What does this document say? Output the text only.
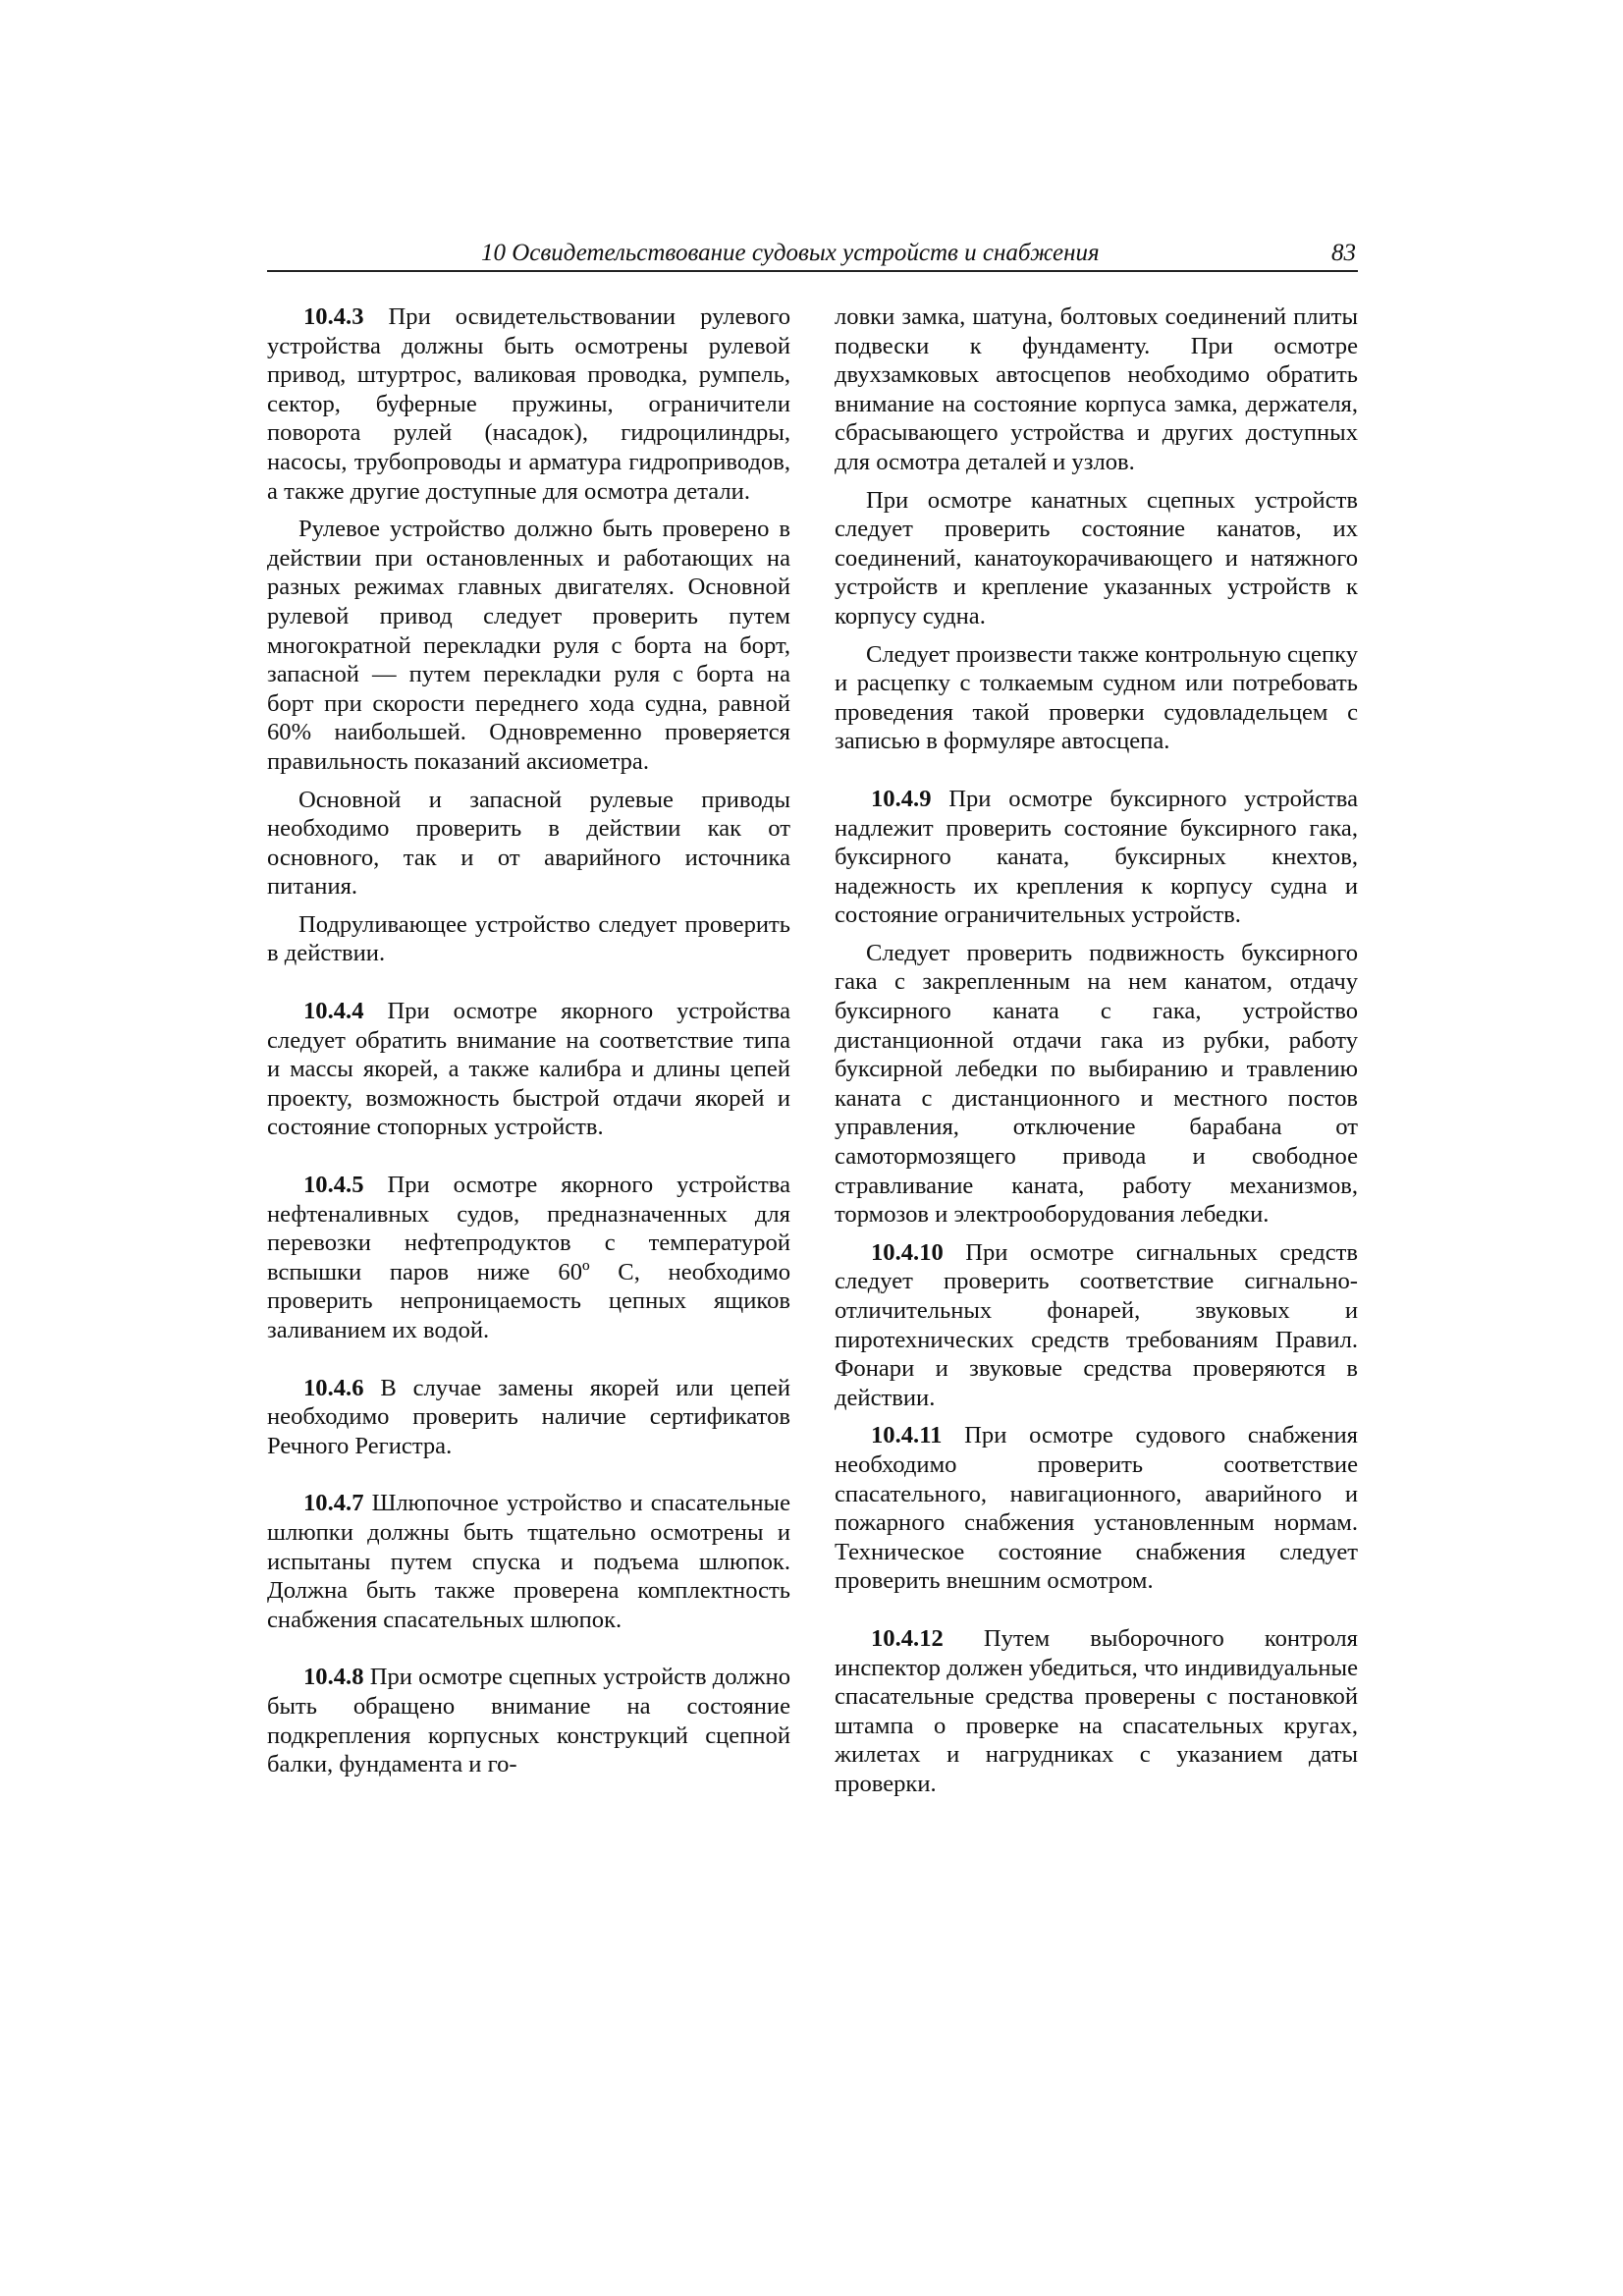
10 Освидетельствование судовых устройств и снабжения	83

10.4.3 При освидетельствовании рулевого устройства должны быть осмотрены рулевой привод, штуртрос, валиковая проводка, румпель, сектор, буферные пружины, ограничители поворота рулей (насадок), гидроцилиндры, насосы, трубопроводы и арматура гидроприводов, а также другие доступные для осмотра детали.

Рулевое устройство должно быть проверено в действии при остановленных и работающих на разных режимах главных двигателях. Основной рулевой привод следует проверить путем многократной перекладки руля с борта на борт, запасной — путем перекладки руля с борта на борт при скорости переднего хода судна, равной 60% наибольшей. Одновременно проверяется правильность показаний аксиометра.

Основной и запасной рулевые приводы необходимо проверить в действии как от основного, так и от аварийного источника питания.

Подруливающее устройство следует проверить в действии.

10.4.4 При осмотре якорного устройства следует обратить внимание на соответствие типа и массы якорей, а также калибра и длины цепей проекту, возможность быстрой отдачи якорей и состояние стопорных устройств.

10.4.5 При осмотре якорного устройства нефтеналивных судов, предназначенных для перевозки нефтепродуктов с температурой вспышки паров ниже 60º С, необходимо проверить непроницаемость цепных ящиков заливанием их водой.

10.4.6 В случае замены якорей или цепей необходимо проверить наличие сертификатов Речного Регистра.

10.4.7 Шлюпочное устройство и спасательные шлюпки должны быть тщательно осмотрены и испытаны путем спуска и подъема шлюпок. Должна быть также проверена комплектность снабжения спасательных шлюпок.

10.4.8 При осмотре сцепных устройств должно быть обращено внимание на состояние подкрепления корпусных конструкций сцепной балки, фундамента и го-

ловки замка, шатуна, болтовых соединений плиты подвески к фундаменту. При осмотре двухзамковых автосцепов необходимо обратить внимание на состояние корпуса замка, держателя, сбрасывающего устройства и других доступных для осмотра деталей и узлов.

При осмотре канатных сцепных устройств следует проверить состояние канатов, их соединений, канатоукорачивающего и натяжного устройств и крепление указанных устройств к корпусу судна.

Следует произвести также контрольную сцепку и расцепку с толкаемым судном или потребовать проведения такой проверки судовладельцем с записью в формуляре автосцепа.

10.4.9 При осмотре буксирного устройства надлежит проверить состояние буксирного гака, буксирного каната, буксирных кнехтов, надежность их крепления к корпусу судна и состояние ограничительных устройств.

Следует проверить подвижность буксирного гака с закрепленным на нем канатом, отдачу буксирного каната с гака, устройство дистанционной отдачи гака из рубки, работу буксирной лебедки по выбиранию и травлению каната с дистанционного и местного постов управления, отключение барабана от самотормозящего привода и свободное стравливание каната, работу механизмов, тормозов и электрооборудования лебедки.

10.4.10 При осмотре сигнальных средств следует проверить соответствие сигнально-отличительных фонарей, звуковых и пиротехнических средств требованиям Правил. Фонари и звуковые средства проверяются в действии.

10.4.11 При осмотре судового снабжения необходимо проверить соответствие спасательного, навигационного, аварийного и пожарного снабжения установленным нормам. Техническое состояние снабжения следует проверить внешним осмотром.

10.4.12 Путем выборочного контроля инспектор должен убедиться, что индивидуальные спасательные средства проверены с постановкой штампа о проверке на спасательных кругах, жилетах и нагрудниках с указанием даты проверки.
